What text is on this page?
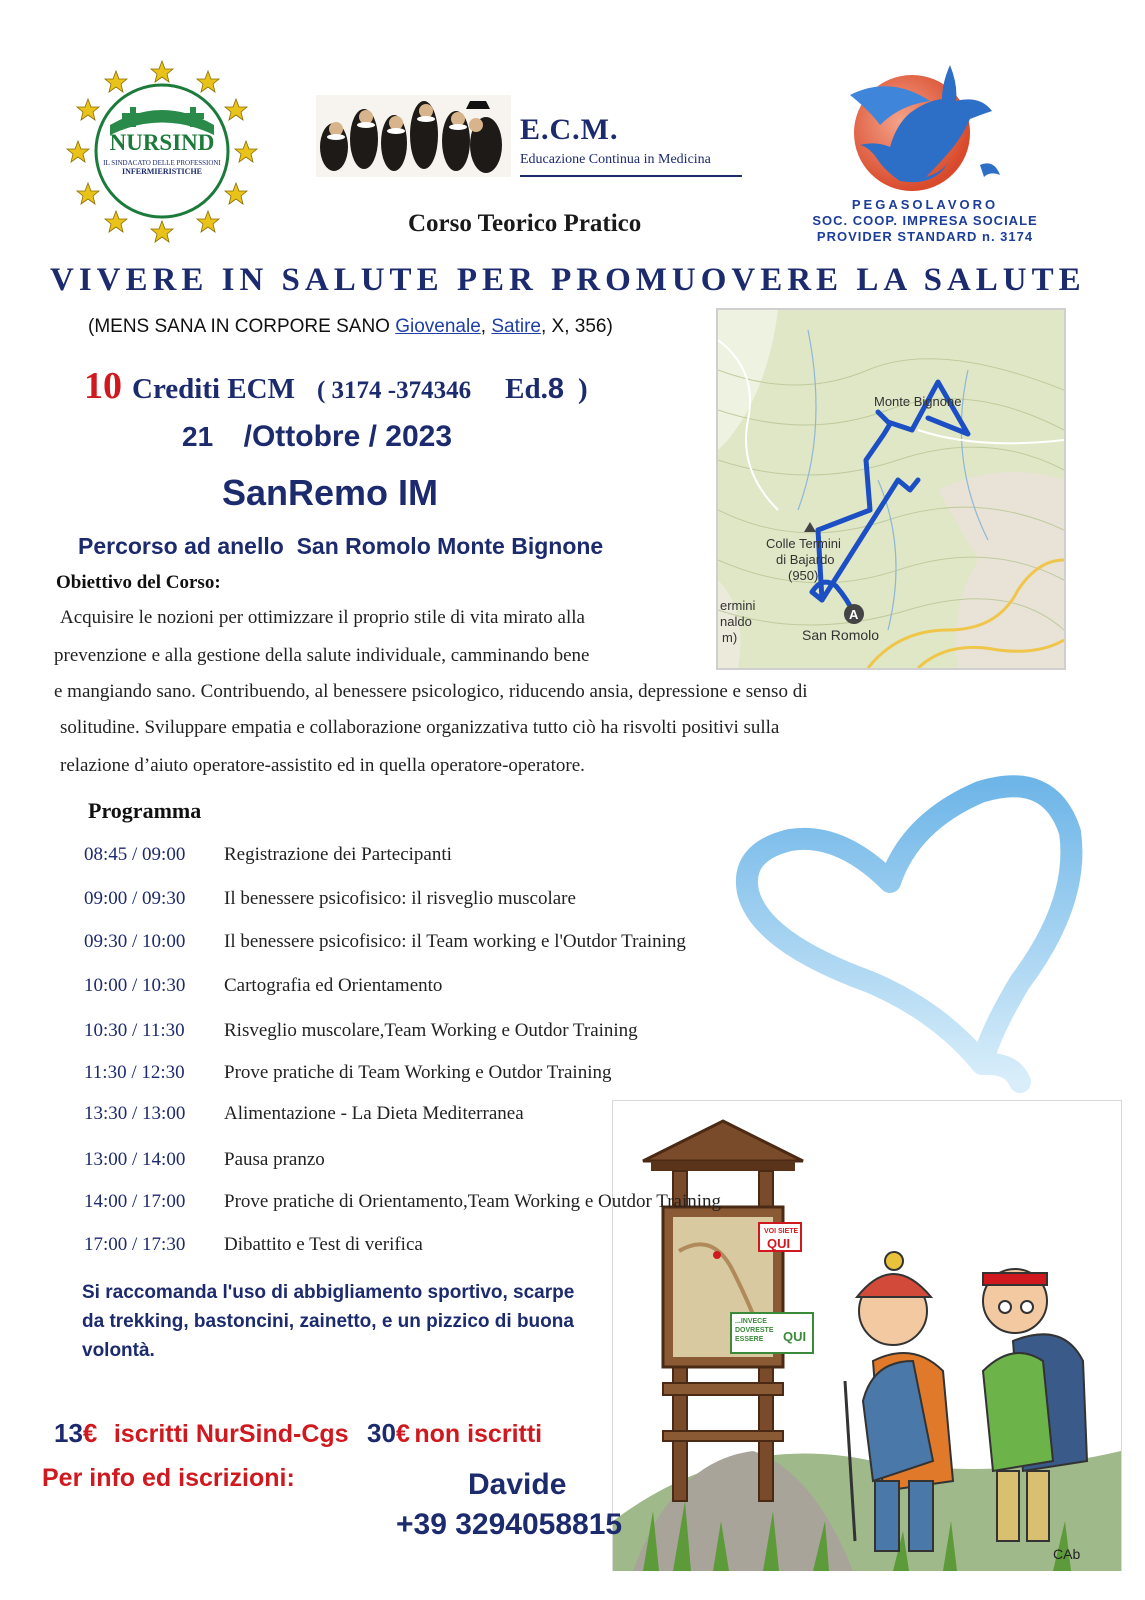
NURSIND
IL SINDACATO DELLE PROFESSIONI
INFERMIERISTICHE
E.C.M.
Educazione Continua in Medicina
PEGASOLAVORO
SOC. COOP. IMPRESA SOCIALE
PROVIDER STANDARD n. 3174
Corso Teorico Pratico
VIVERE IN SALUTE PER PROMUOVERE LA SALUTE
(MENS SANA IN CORPORE SANO Giovenale, Satire, X, 356)
10 Crediti ECM ( 3174 -374346 Ed.8 )
21 /Ottobre / 2023
SanRemo IM
Percorso ad anello  San Romolo Monte Bignone
A
Monte Bignone
Colle Termini
di Bajardo
(950)
ermini
naldo
m)	San Romolo
Obiettivo del Corso:
Acquisire le nozioni per ottimizzare il proprio stile di vita mirato alla
prevenzione e alla gestione della salute individuale, camminando bene
e mangiando sano. Contribuendo, al benessere psicologico, riducendo ansia, depressione e senso di
solitudine. Sviluppare empatia e collaborazione organizzativa tutto ciò ha risvolti positivi sulla
relazione d’aiuto operatore-assistito ed in quella operatore-operatore.
Programma
08:45 / 09:00 Registrazione dei Partecipanti
09:00 / 09:30 Il benessere psicofisico: il risveglio muscolare
09:30 / 10:00 Il benessere psicofisico: il Team working e l'Outdor Training
10:00 / 10:30 Cartografia ed Orientamento
10:30 / 11:30 Risveglio muscolare,Team Working e Outdor Training
11:30 / 12:30 Prove pratiche di Team Working e Outdor Training
13:30 / 13:00 Alimentazione - La Dieta Mediterranea
VOI SIETE
QUI
...INVECE
DOVRESTE
ESSERE QUI
CAb
13:00 / 14:00 Pausa pranzo
14:00 / 17:00 Prove pratiche di Orientamento,Team Working e Outdor Training
17:00 / 17:30 Dibattito e Test di verifica
Si raccomanda l'uso di abbigliamento sportivo, scarpe
da trekking, bastoncini, zainetto, e un pizzico di buona
volontà.
13€ iscritti NurSind-Cgs 30€ non iscritti
Per info ed iscrizioni:	Davide
+39 3294058815
